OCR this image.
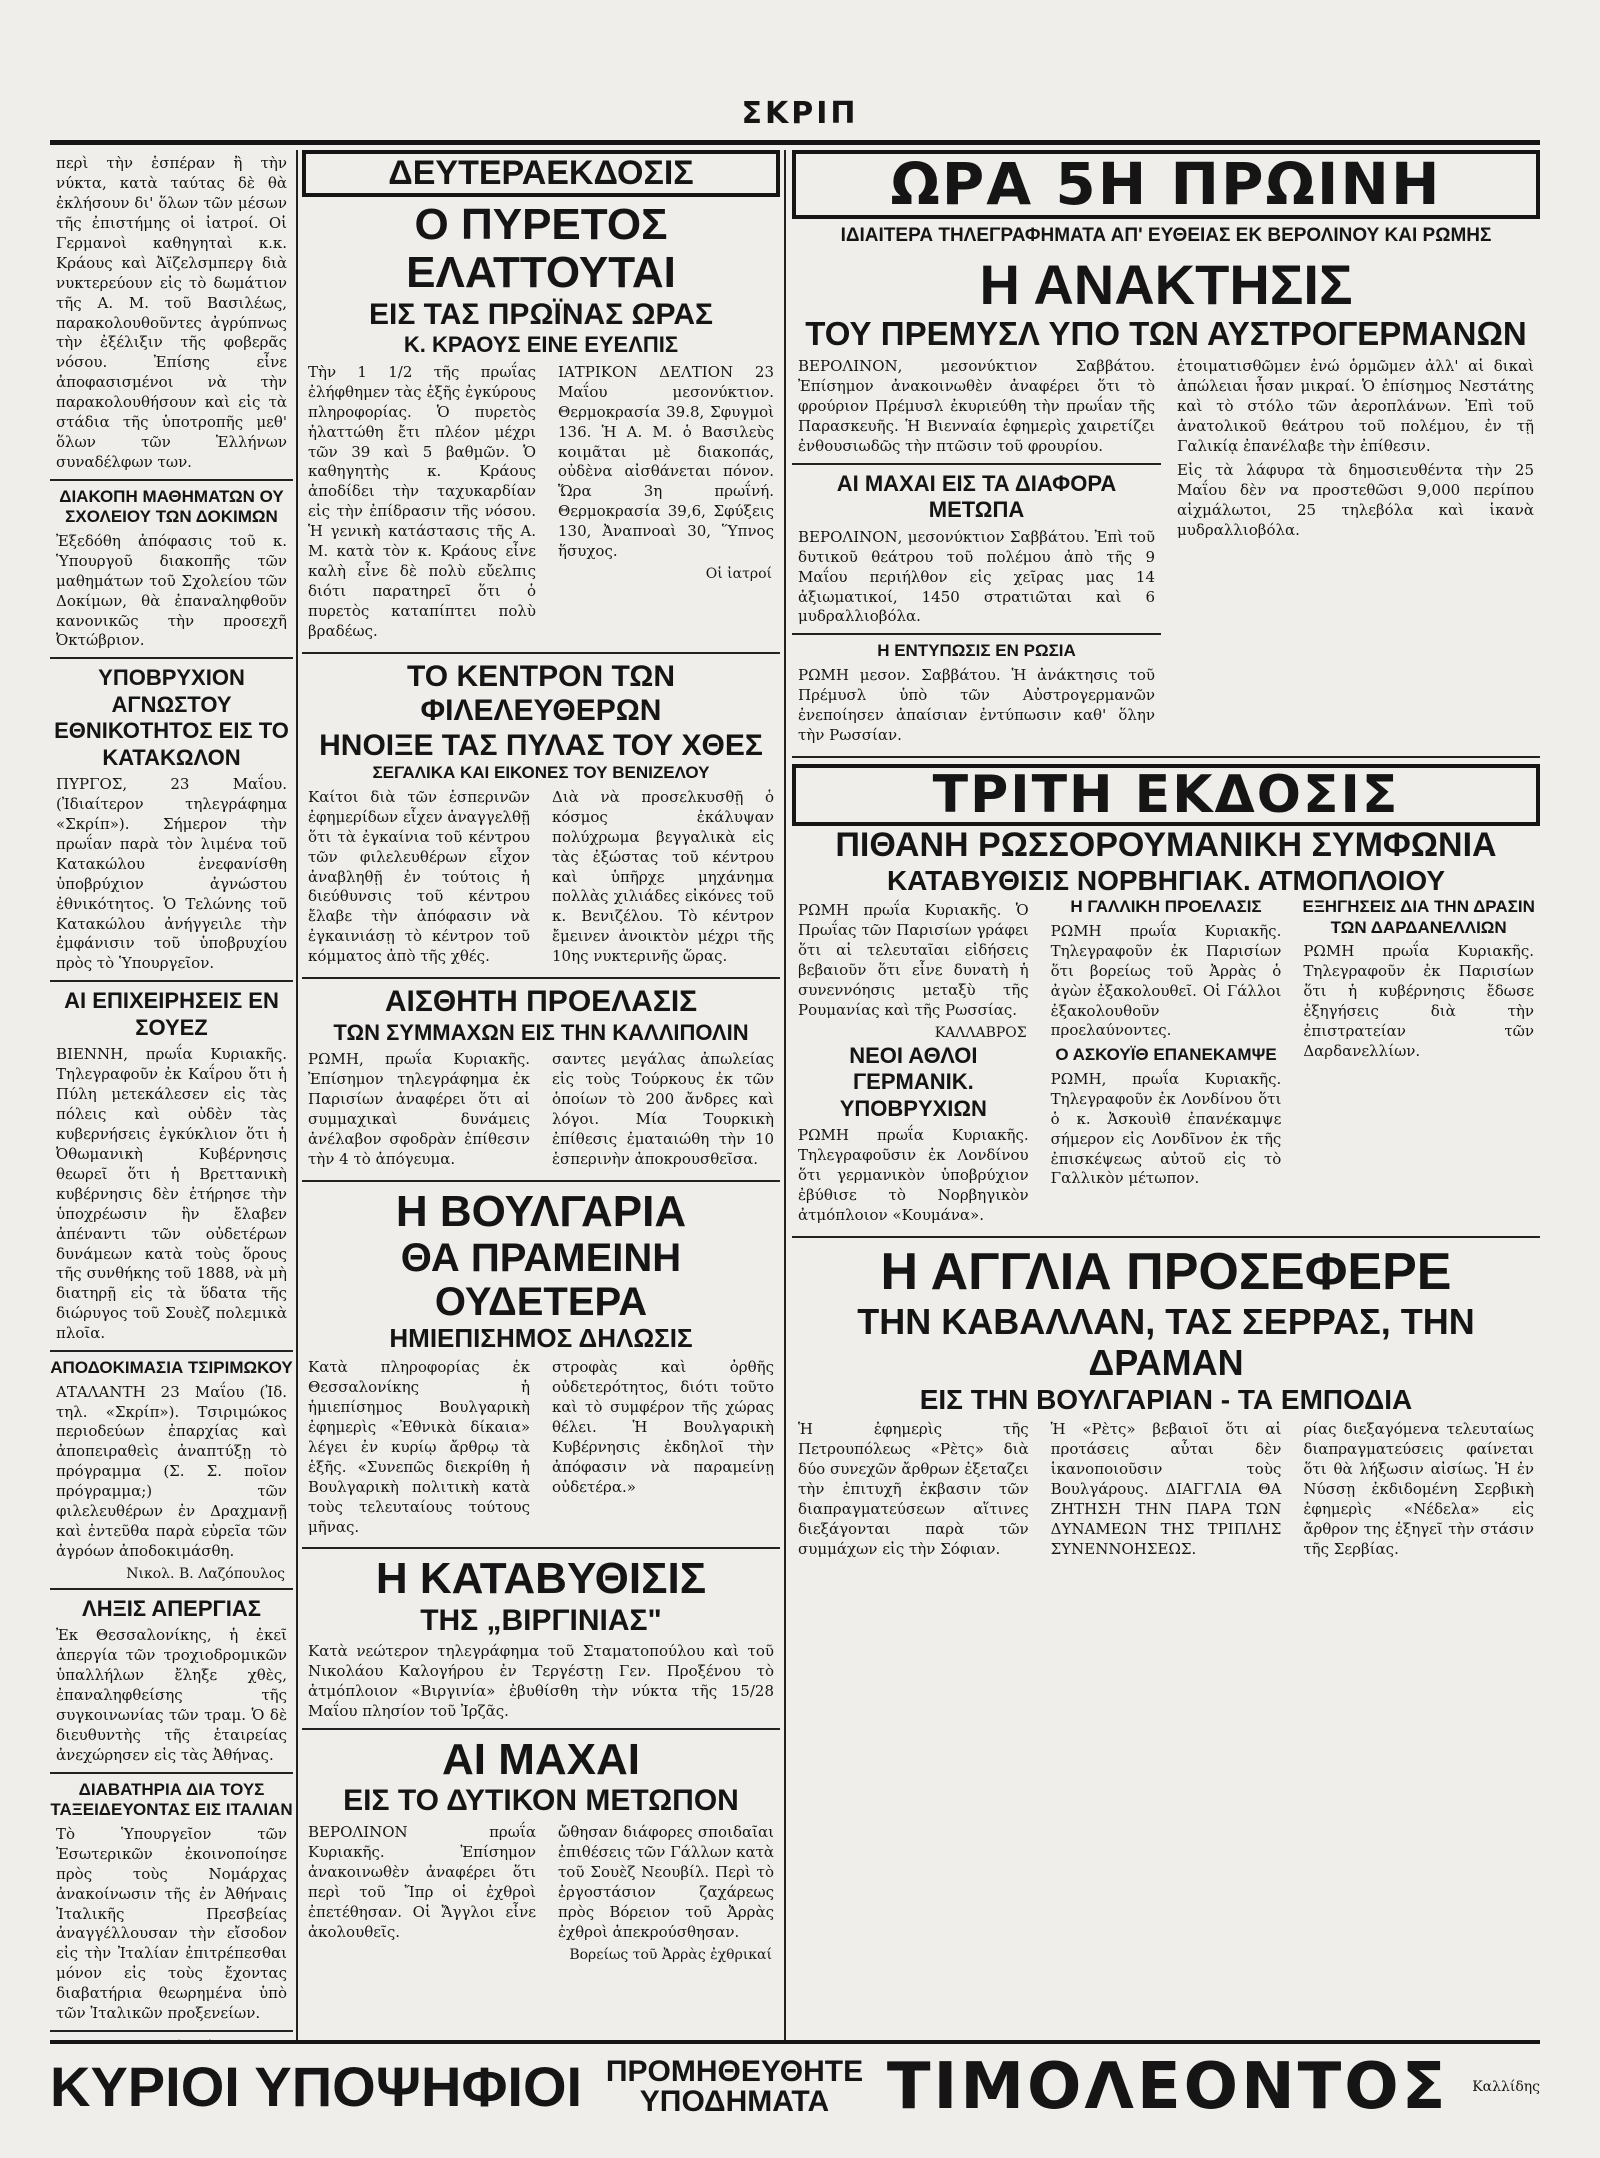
ΣΚΡΙΠ
περὶ τὴν ἑσπέραν ἢ τὴν νύκτα, κατὰ ταύτας δὲ θὰ ἐκλήσουν δι' ὅλων τῶν μέσων τῆς ἐπιστήμης οἱ ἰατροί. Οἱ Γερμανοὶ καθηγηταὶ κ.κ. Κράους καὶ Ἀϊζελσμπεργ διὰ νυκτερεύουν εἰς τὸ δωμάτιον τῆς Α. Μ. τοῦ Βασιλέως, παρακολουθοῦντες ἀγρύπνως τὴν ἐξέλιξιν τῆς φοβερᾶς νόσου. Ἐπίσης εἶνε ἀποφασισμένοι νὰ τὴν παρακολουθήσουν καὶ εἰς τὰ στάδια τῆς ὑποτροπῆς μεθ' ὅλων τῶν Ἑλλήνων συναδέλφων των.
ΔΙΑΚΟΠΗ ΜΑΘΗΜΑΤΩΝ ΟΥ ΣΧΟΛΕΙΟΥ ΤΩΝ ΔΟΚΙΜΩΝ
Ἐξεδόθη ἀπόφασις τοῦ κ. Ὑπουργοῦ διακοπῆς τῶν μαθημάτων τοῦ Σχολείου τῶν Δοκίμων, θὰ ἐπαναληφθοῦν κανονικῶς τὴν προσεχῆ Ὀκτώβριον.
ΥΠΟΒΡΥΧΙΟΝ ΑΓΝΩΣΤΟΥ ΕΘΝΙΚΟΤΗΤΟΣ ΕΙΣ ΤΟ ΚΑΤΑΚΩΛΟΝ
ΠΥΡΓΟΣ, 23 Μαΐου. (Ἰδιαίτερον τηλεγράφημα «Σκρίπ»). Σήμερον τὴν πρωΐαν παρὰ τὸν λιμένα τοῦ Κατακώλου ἐνεφανίσθη ὑποβρύχιον ἀγνώστου ἐθνικότητος. Ὁ Τελώνης τοῦ Κατακώλου ἀνήγγειλε τὴν ἐμφάνισιν τοῦ ὑποβρυχίου πρὸς τὸ Ὑπουργεῖον.
ΑΙ ΕΠΙΧΕΙΡΗΣΕΙΣ ΕΝ ΣΟΥΕΖ
ΒΙΕΝΝΗ, πρωΐα Κυριακῆς. Τηλεγραφοῦν ἐκ Καΐρου ὅτι ἡ Πύλη μετεκάλεσεν εἰς τὰς πόλεις καὶ οὐδὲν τὰς κυβερνήσεις ἐγκύκλιον ὅτι ἡ Ὀθωμανικὴ Κυβέρνησις θεωρεῖ ὅτι ἡ Βρεττανικὴ κυβέρνησις δὲν ἐτήρησε τὴν ὑποχρέωσιν ἣν ἔλαβεν ἀπέναντι τῶν οὐδετέρων δυνάμεων κατὰ τοὺς ὅρους τῆς συνθήκης τοῦ 1888, νὰ μὴ διατηρῇ εἰς τὰ ὕδατα τῆς διώρυγος τοῦ Σουὲζ πολεμικὰ πλοῖα.
ΑΠΟΔΟΚΙΜΑΣΙΑ ΤΣΙΡΙΜΩΚΟΥ
ΑΤΑΛΑΝΤΗ 23 Μαΐου (Ἰδ. τηλ. «Σκρίπ»). Τσιριμώκος περιοδεύων ἐπαρχίας καὶ ἀποπειραθεὶς ἀναπτύξῃ τὸ πρόγραμμα (Σ. Σ. ποῖον πρόγραμμα;) τῶν φιλελευθέρων ἐν Δραχμανῇ καὶ ἐντεῦθα παρὰ εὐρεῖα τῶν ἀγρόων ἀποδοκιμάσθη.
Νικολ. Β. Λαζόπουλος
ΛΗΞΙΣ ΑΠΕΡΓΙΑΣ
Ἐκ Θεσσαλονίκης, ἡ ἐκεῖ ἀπεργία τῶν τροχιοδρομικῶν ὑπαλλήλων ἔληξε χθὲς, ἐπαναληφθείσης τῆς συγκοινωνίας τῶν τραμ. Ὁ δὲ διευθυντὴς τῆς ἑταιρείας ἀνεχώρησεν εἰς τὰς Ἀθήνας.
ΔΙΑΒΑΤΗΡΙΑ ΔΙΑ ΤΟΥΣ ΤΑΞΕΙΔΕΥΟΝΤΑΣ ΕΙΣ ΙΤΑΛΙΑΝ
Τὸ Ὑπουργεῖον τῶν Ἐσωτερικῶν ἐκοινοποίησε πρὸς τοὺς Νομάρχας ἀνακοίνωσιν τῆς ἐν Ἀθήναις Ἰταλικῆς Πρεσβείας ἀναγγέλλουσαν τὴν εἴσοδον εἰς τὴν Ἰταλίαν ἐπιτρέπεσθαι μόνον εἰς τοὺς ἔχοντας διαβατήρια θεωρημένα ὑπὸ τῶν Ἰταλικῶν προξενείων.
ΔΕΥΤΕΡΑΕΚΔΟΣΙΣ
Ο ΠΥΡΕΤΟΣ ΕΛΑΤΤΟΥΤΑΙ
ΕΙΣ ΤΑΣ ΠΡΩΪΝΑΣ ΩΡΑΣ
Κ. ΚΡΑΟΥΣ ΕΙΝΕ ΕΥΕΛΠΙΣ
Τὴν 1 1/2 τῆς πρωΐας ἐλήφθημεν τὰς ἑξῆς ἐγκύρους πληροφορίας. Ὁ πυρετὸς ἠλαττώθη ἔτι πλέον μέχρι τῶν 39 καὶ 5 βαθμῶν. Ὁ καθηγητὴς κ. Κράους ἀποδίδει τὴν ταχυκαρδίαν εἰς τὴν ἐπίδρασιν τῆς νόσου. Ἡ γενικὴ κατάστασις τῆς Α. Μ. κατὰ τὸν κ. Κράους εἶνε καλὴ εἶνε δὲ πολὺ εὔελπις διότι παρατηρεῖ ὅτι ὁ πυρετὸς καταπίπτει πολὺ βραδέως.
ΙΑΤΡΙΚΟΝ ΔΕΛΤΙΟΝ 23 Μαΐου μεσονύκτιον. Θερμοκρασία 39.8, Σφυγμοὶ 136. Ἡ Α. Μ. ὁ Βασιλεὺς κοιμᾶται μὲ διακοπάς, οὐδὲνα αἰσθάνεται πόνον. Ὥρα 3η πρωΐνή. Θερμοκρασία 39,6, Σφύξεις 130, Ἀναπνοαὶ 30, Ὕπνος ἥσυχος.
Οἱ ἰατροί
ΤΟ ΚΕΝΤΡΟΝ ΤΩΝ ΦΙΛΕΛΕΥΘΕΡΩΝ
ΗΝΟΙΞΕ ΤΑΣ ΠΥΛΑΣ ΤΟΥ ΧΘΕΣ
ΣΕΓΑΛΙΚΑ ΚΑΙ ΕΙΚΟΝΕΣ ΤΟΥ ΒΕΝΙΖΕΛΟΥ
Καίτοι διὰ τῶν ἑσπερινῶν ἐφημερίδων εἶχεν ἀναγγελθῇ ὅτι τὰ ἐγκαίνια τοῦ κέντρου τῶν φιλελευθέρων εἶχον ἀναβληθῇ ἐν τούτοις ἡ διεύθυνσις τοῦ κέντρου ἔλαβε τὴν ἀπόφασιν νὰ ἐγκαινιάσῃ τὸ κέντρον τοῦ κόμματος ἀπὸ τῆς χθές.
Διὰ νὰ προσελκυσθῇ ὁ κόσμος ἐκάλυψαν πολύχρωμα βεγγαλικὰ εἰς τὰς ἐξώστας τοῦ κέντρου καὶ ὑπῆρχε μηχάνημα πολλὰς χιλιάδες εἰκόνες τοῦ κ. Βενιζέλου. Τὸ κέντρον ἔμεινεν ἀνοικτὸν μέχρι τῆς 10ης νυκτερινῆς ὥρας.
ΑΙΣΘΗΤΗ ΠΡΟΕΛΑΣΙΣ
ΤΩΝ ΣΥΜΜΑΧΩΝ ΕΙΣ ΤΗΝ ΚΑΛΛΙΠΟΛΙΝ
ΡΩΜΗ, πρωΐα Κυριακῆς. Ἐπίσημον τηλεγράφημα ἐκ Παρισίων ἀναφέρει ὅτι αἱ συμμαχικαὶ δυνάμεις ἀνέλαβον σφοδρὰν ἐπίθεσιν τὴν 4 τὸ ἀπόγευμα.
σαντες μεγάλας ἀπωλείας εἰς τοὺς Τούρκους ἐκ τῶν ὁποίων τὸ 200 ἄνδρες καὶ λόγοι. Μία Τουρκικὴ ἐπίθεσις ἐματαιώθη τὴν 10 ἑσπερινὴν ἀποκρουσθεῖσα.
Η ΒΟΥΛΓΑΡΙΑ
ΘΑ ΠΡΑΜΕΙΝΗ ΟΥΔΕΤΕΡΑ
ΗΜΙΕΠΙΣΗΜΟΣ ΔΗΛΩΣΙΣ
Κατὰ πληροφορίας ἐκ Θεσσαλονίκης ἡ ἡμιεπίσημος Βουλγαρικὴ ἐφημερὶς «Ἐθνικὰ δίκαια» λέγει ἐν κυρίῳ ἄρθρῳ τὰ ἑξῆς. «Συνεπῶς διεκρίθη ἡ Βουλγαρικὴ πολιτικὴ κατὰ τοὺς τελευταίους τούτους μῆνας.
στροφὰς καὶ ὀρθῆς οὐδετερότητος, διότι τοῦτο καὶ τὸ συμφέρον τῆς χώρας θέλει. Ἡ Βουλγαρικὴ Κυβέρνησις ἐκδηλοῖ τὴν ἀπόφασιν νὰ παραμείνῃ οὐδετέρα.»
Η ΚΑΤΑΒΥΘΙΣΙΣ
ΤΗΣ „ΒΙΡΓΙΝΙΑΣ"
Κατὰ νεώτερον τηλεγράφημα τοῦ Σταματοπούλου καὶ τοῦ Νικολάου Καλογήρου ἐν Τεργέστῃ Γεν. Προξένου τὸ ἀτμόπλοιον «Βιργινία» ἐβυθίσθη τὴν νύκτα τῆς 15/28 Μαΐου πλησίον τοῦ Ἰρζᾶς.
ΑΙ ΜΑΧΑΙ
ΕΙΣ ΤΟ ΔΥΤΙΚΟΝ ΜΕΤΩΠΟΝ
ΒΕΡΟΛΙΝΟΝ πρωΐα Κυριακῆς. Ἐπίσημον ἀνακοινωθὲν ἀναφέρει ὅτι περὶ τοῦ Ἴπρ οἱ ἐχθροὶ ἐπετέθησαν. Οἱ Ἄγγλοι εἶνε ἀκολουθεῖς.
ὤθησαν διάφορες σποιδαῖαι ἐπιθέσεις τῶν Γάλλων κατὰ τοῦ Σουὲζ Νεουβίλ. Περὶ τὸ ἐργοστάσιον ζαχάρεως πρὸς Βόρειον τοῦ Ἀρρὰς ἐχθροὶ ἀπεκρούσθησαν.
Βορείως τοῦ Ἀρρὰς ἐχθρικαί
ΩΡΑ 5Η ΠΡΩΙΝΗ
ΙΔΙΑΙΤΕΡΑ ΤΗΛΕΓΡΑΦΗΜΑΤΑ ΑΠ' ΕΥΘΕΙΑΣ ΕΚ ΒΕΡΟΛΙΝΟΥ ΚΑΙ ΡΩΜΗΣ
Η ΑΝΑΚΤΗΣΙΣ
ΤΟΥ ΠΡΕΜΥΣΛ ΥΠΟ ΤΩΝ ΑΥΣΤΡΟΓΕΡΜΑΝΩΝ
ΒΕΡΟΛΙΝΟΝ, μεσονύκτιον Σαββάτου. Ἐπίσημον ἀνακοινωθὲν ἀναφέρει ὅτι τὸ φρούριον Πρέμυσλ ἐκυριεύθη τὴν πρωΐαν τῆς Παρασκευῆς. Ἡ Βιενναία ἐφημερὶς χαιρετίζει ἐνθουσιωδῶς τὴν πτῶσιν τοῦ φρουρίου.
ΑΙ ΜΑΧΑΙ ΕΙΣ ΤΑ ΔΙΑΦΟΡΑ ΜΕΤΩΠΑ
ΒΕΡΟΛΙΝΟΝ, μεσονύκτιον Σαββάτου. Ἐπὶ τοῦ δυτικοῦ θεάτρου τοῦ πολέμου ἀπὸ τῆς 9 Μαΐου περιήλθον εἰς χεῖρας μας 14 ἀξιωματικοί, 1450 στρατιῶται καὶ 6 μυδραλλιοβόλα.
Η ΕΝΤΥΠΩΣΙΣ ΕΝ ΡΩΣΙΑ
ΡΩΜΗ μεσον. Σαββάτου. Ἡ ἀνάκτησις τοῦ Πρέμυσλ ὑπὸ τῶν Αὐστρογερμανῶν ἐνεποίησεν ἀπαίσιαν ἐντύπωσιν καθ' ὅλην τὴν Ρωσσίαν.
ἑτοιματισθῶμεν ἐνώ ὁρμῶμεν ἀλλ' αἱ δικαὶ ἀπώλειαι ἦσαν μικραί. Ὁ ἐπίσημος Νεστάτης καὶ τὸ στόλο τῶν ἀεροπλάνων. Ἐπὶ τοῦ ἀνατολικοῦ θεάτρου τοῦ πολέμου, ἐν τῇ Γαλικίᾳ ἐπανέλαβε τὴν ἐπίθεσιν.
Εἰς τὰ λάφυρα τὰ δημοσιευθέντα τὴν 25 Μαΐου δὲν να προστεθῶσι 9,000 περίπου αἰχμάλωτοι, 25 τηλεβόλα καὶ ἱκανὰ μυδραλλιοβόλα.
ΤΡΙΤΗ ΕΚΔΟΣΙΣ
ΠΙΘΑΝΗ ΡΩΣΣΟΡΟΥΜΑΝΙΚΗ ΣΥΜΦΩΝΙΑ
ΚΑΤΑΒΥΘΙΣΙΣ ΝΟΡΒΗΓΙΑΚ. ΑΤΜΟΠΛΟΙΟΥ
ΡΩΜΗ πρωΐα Κυριακῆς. Ὁ Πρωΐας τῶν Παρισίων γράφει ὅτι αἱ τελευταῖαι εἰδήσεις βεβαιοῦν ὅτι εἶνε δυνατὴ ἡ συνεννόησις μεταξὺ τῆς Ρουμανίας καὶ τῆς Ρωσσίας.
ΚΑΛΛΑΒΡΟΣ
ΝΕΟΙ ΑΘΛΟΙ ΓΕΡΜΑΝΙΚ. ΥΠΟΒΡΥΧΙΩΝ
ΡΩΜΗ πρωΐα Κυριακῆς. Τηλεγραφοῦσιν ἐκ Λονδίνου ὅτι γερμανικὸν ὑποβρύχιον ἐβύθισε τὸ Νορβηγικὸν ἀτμόπλοιον «Κουμάνα».
Η ΓΑΛΛΙΚΗ ΠΡΟΕΛΑΣΙΣ
ΡΩΜΗ πρωΐα Κυριακῆς. Τηλεγραφοῦν ἐκ Παρισίων ὅτι βορείως τοῦ Ἀρρὰς ὁ ἀγὼν ἐξακολουθεῖ. Οἱ Γάλλοι ἐξακολουθοῦν προελαύνοντες.
Ο ΑΣΚΟΥΪΘ ΕΠΑΝΕΚΑΜΨΕ
ΡΩΜΗ, πρωΐα Κυριακῆς. Τηλεγραφοῦν ἐκ Λονδίνου ὅτι ὁ κ. Ἀσκουὶθ ἐπανέκαμψε σήμερον εἰς Λονδῖνον ἐκ τῆς ἐπισκέψεως αὐτοῦ εἰς τὸ Γαλλικὸν μέτωπον.
ΕΞΗΓΗΣΕΙΣ ΔΙΑ ΤΗΝ ΔΡΑΣΙΝ ΤΩΝ ΔΑΡΔΑΝΕΛΛΙΩΝ
ΡΩΜΗ πρωΐα Κυριακῆς. Τηλεγραφοῦν ἐκ Παρισίων ὅτι ἡ κυβέρνησις ἔδωσε ἐξηγήσεις διὰ τὴν ἐπιστρατείαν τῶν Δαρδανελλίων.
Η ΑΓΓΛΙΑ ΠΡΟΣΕΦΕΡΕ
ΤΗΝ ΚΑΒΑΛΛΑΝ, ΤΑΣ ΣΕΡΡΑΣ, ΤΗΝ ΔΡΑΜΑΝ
ΕΙΣ ΤΗΝ ΒΟΥΛΓΑΡΙΑΝ - ΤΑ ΕΜΠΟΔΙΑ
Ἡ ἐφημερὶς τῆς Πετρουπόλεως «Ρὲτς» διὰ δύο συνεχῶν ἄρθρων ἐξεταζει τὴν ἐπιτυχῆ ἐκβασιν τῶν διαπραγματεύσεων αἵτινες διεξάγονται παρὰ τῶν συμμάχων εἰς τὴν Σόφιαν.
Ἡ «Ρὲτς» βεβαιοῖ ὅτι αἱ προτάσεις αὗται δὲν ἱκανοποιοῦσιν τοὺς Βουλγάρους. ΔΙΑΓΓΛΙΑ ΘΑ ΖΗΤΗΣΗ ΤΗΝ ΠΑΡΑ ΤΩΝ ΔΥΝΑΜΕΩΝ ΤΗΣ ΤΡΙΠΛΗΣ ΣΥΝΕΝΝΟΗΣΕΩΣ.
ρίας διεξαγόμενα τελευταίως διαπραγματεύσεις φαίνεται ὅτι θὰ λήξωσιν αἰσίως. Ἡ ἐν Νύσσῃ ἐκδιδομένη Σερβικὴ ἐφημερὶς «Νέδελα» εἰς ἄρθρον της ἐξηγεῖ τὴν στάσιν τῆς Σερβίας.
ΚΥΡΙΟΙ ΥΠΟΨΗΦΙΟΙ ΠΡΟΜΗΘΕΥΘΗΤΕ
ΥΠΟΔΗΜΑΤΑ ΤΙΜΟΛΕΟΝΤΟΣ Καλλίδης
